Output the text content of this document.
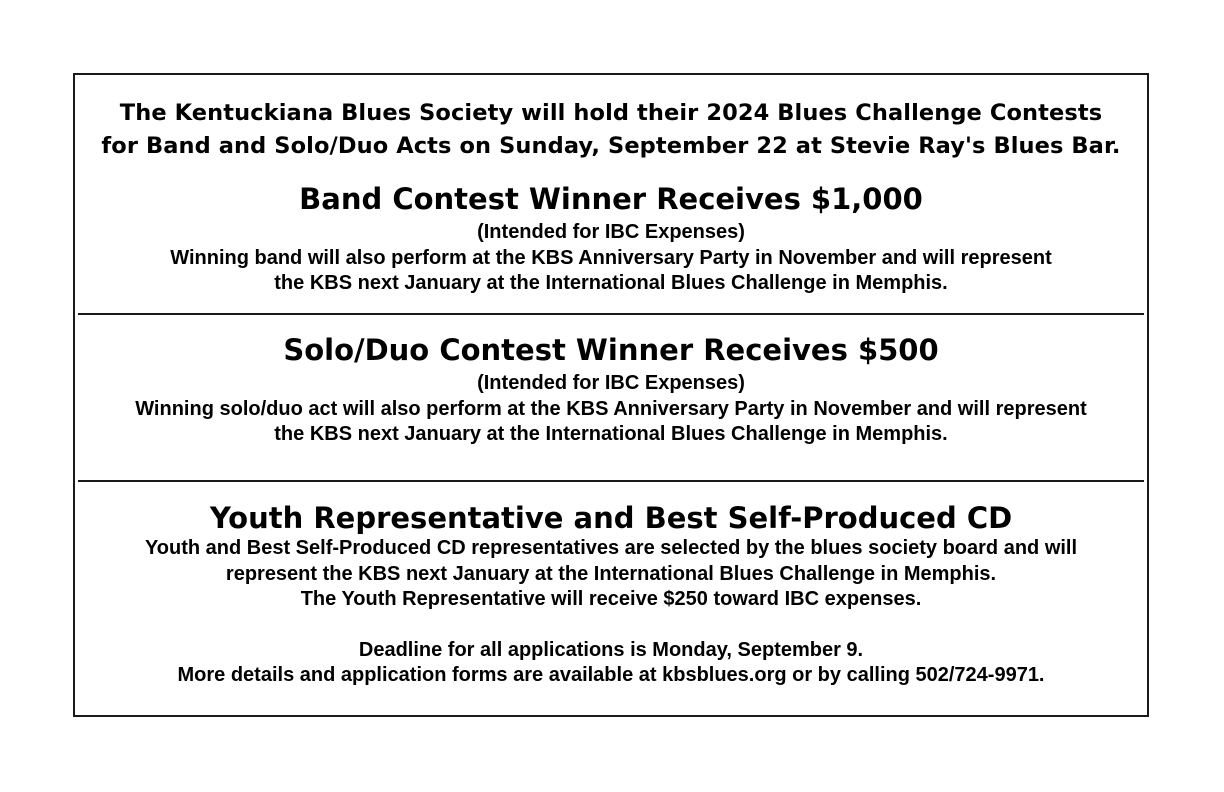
The Kentuckiana Blues Society will hold their 2024 Blues Challenge Contests
for Band and Solo/Duo Acts on Sunday, September 22 at Stevie Ray's Blues Bar.
Band Contest Winner Receives $1,000
(Intended for IBC Expenses)
Winning band will also perform at the KBS Anniversary Party in November and will represent
the KBS next January at the International Blues Challenge in Memphis.
Solo/Duo Contest Winner Receives $500
(Intended for IBC Expenses)
Winning solo/duo act will also perform at the KBS Anniversary Party in November and will represent
the KBS next January at the International Blues Challenge in Memphis.
Youth Representative and Best Self-Produced CD
Youth and Best Self-Produced CD representatives are selected by the blues society board and will
represent the KBS next January at the International Blues Challenge in Memphis.
The Youth Representative will receive $250 toward IBC expenses.
Deadline for all applications is Monday, September 9.
More details and application forms are available at kbsblues.org or by calling 502/724-9971.
